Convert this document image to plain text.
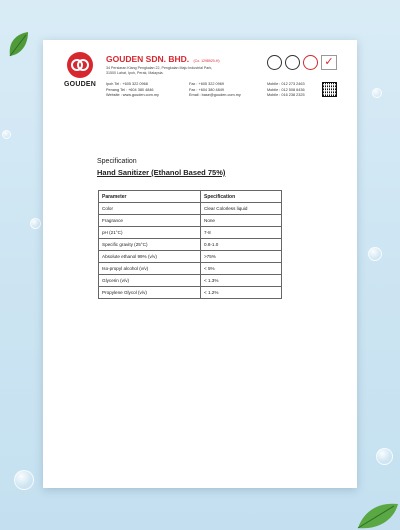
GOUDEN
GOUDEN SDN. BHD. (Co. 1298920-H)
34 Persiaran Klang Pengkalan 22, Pengkalan Maju Industrial Park,
31500 Lahat, Ipoh, Perak, Malaysia.
✓
Ipoh Tel : +605 322 0968
Penang Tel : +604 380 4846
Website : www.gouden.com.my
Fax : +605 322 0969
Fax : +604 380 4849
Email : base@gouden.com.my
Mobile : 012 273 2463
Mobile : 012 508 6436
Mobile : 016 238 2325
Specification
Hand Sanitizer (Ethanol Based 75%)
Parameter	Specification
Color	Clear Colorless liquid
Fragrance	None
pH (21°C)	7-8
Specific gravity (25°C)	0.8-1.0
Absolute ethanol 99% (v/v)	>75%
Iso-propyl alcohol (v/v)	< 5%
Glycerin (v/v)	< 1.3%
Propylene Glycol (v/v)	< 1.2%
